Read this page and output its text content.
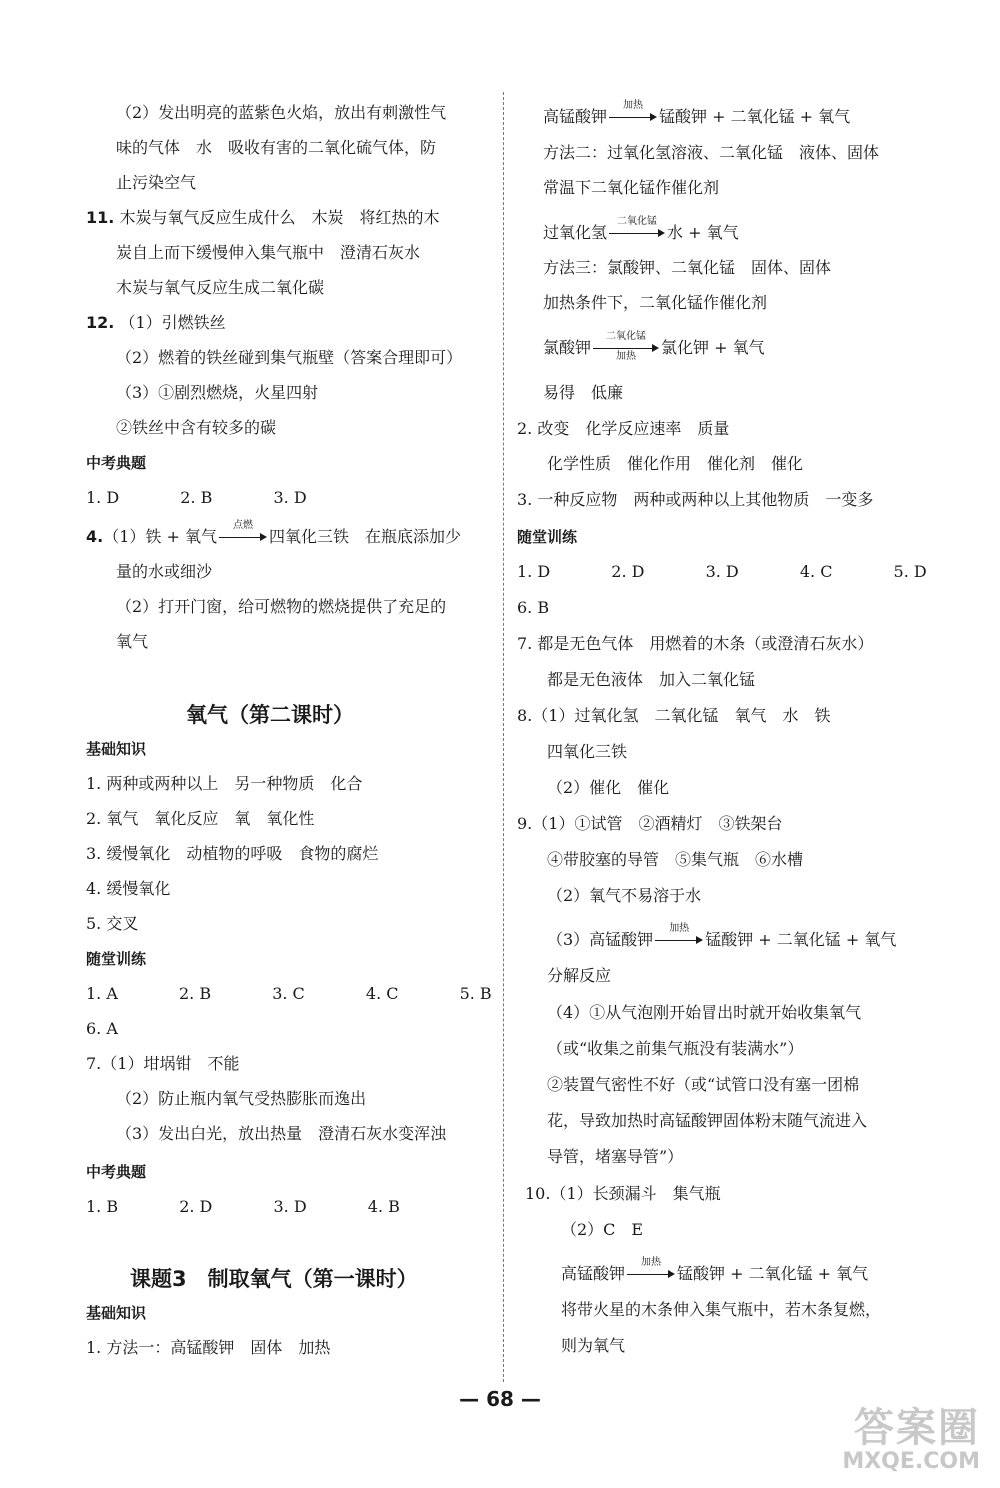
（2）发出明亮的蓝紫色火焰，放出有刺激性气
味的气体　水　吸收有害的二氧化硫气体，防
止污染空气
11. 木炭与氧气反应生成什么　木炭　将红热的木
炭自上而下缓慢伸入集气瓶中　澄清石灰水
木炭与氧气反应生成二氧化碳
12. （1）引燃铁丝
（2）燃着的铁丝碰到集气瓶壁（答案合理即可）
（3）①剧烈燃烧，火星四射
②铁丝中含有较多的碳
中考典题
1. D	2. B	3. D
4. （1）铁 + 氧气
点燃
四氧化三铁　在瓶底添加少
量的水或细沙
（2）打开门窗，给可燃物的燃烧提供了充足的
氧气
氧气（第二课时）
基础知识
1. 两种或两种以上　另一种物质　化合
2. 氧气　氧化反应　氧　氧化性
3. 缓慢氧化　动植物的呼吸　食物的腐烂
4. 缓慢氧化
5. 交叉
随堂训练
1. A	2. B	3. C	4. C	5. B
6. A
7.（1）坩埚钳　不能
（2）防止瓶内氧气受热膨胀而逸出
（3）发出白光，放出热量　澄清石灰水变浑浊
中考典题
1. B	2. D	3. D	4. B
课题3　制取氧气（第一课时）
基础知识
1. 方法一：高锰酸钾　固体　加热
高锰酸钾
加热
锰酸钾 + 二氧化锰 + 氧气
方法二：过氧化氢溶液、二氧化锰　液体、固体
常温下二氧化锰作催化剂
过氧化氢
二氧化锰
水 + 氧气
方法三：氯酸钾、二氧化锰　固体、固体
加热条件下，二氧化锰作催化剂
氯酸钾
二氧化锰
加热	氯化钾 + 氧气
易得　低廉
2. 改变　化学反应速率　质量
化学性质　催化作用　催化剂　催化
3. 一种反应物　两种或两种以上其他物质　一变多
随堂训练
1. D	2. D	3. D	4. C	5. D
6. B
7. 都是无色气体　用燃着的木条（或澄清石灰水）
都是无色液体　加入二氧化锰
8.（1）过氧化氢　二氧化锰　氧气　水　铁
四氧化三铁
（2）催化　催化
9.（1）①试管　②酒精灯　③铁架台
④带胶塞的导管　⑤集气瓶　⑥水槽
（2）氧气不易溶于水
（3）高锰酸钾
加热
锰酸钾 + 二氧化锰 + 氧气
分解反应
（4）①从气泡刚开始冒出时就开始收集氧气
（或“收集之前集气瓶没有装满水”）
②装置气密性不好（或“试管口没有塞一团棉
花，导致加热时高锰酸钾固体粉末随气流进入
导管，堵塞导管”）
10.（1）长颈漏斗　集气瓶
（2）C　E
高锰酸钾
加热
锰酸钾 + 二氧化锰 + 氧气
将带火星的木条伸入集气瓶中，若木条复燃，
则为氧气
— 68 —
答案圈
MXQE.COM
